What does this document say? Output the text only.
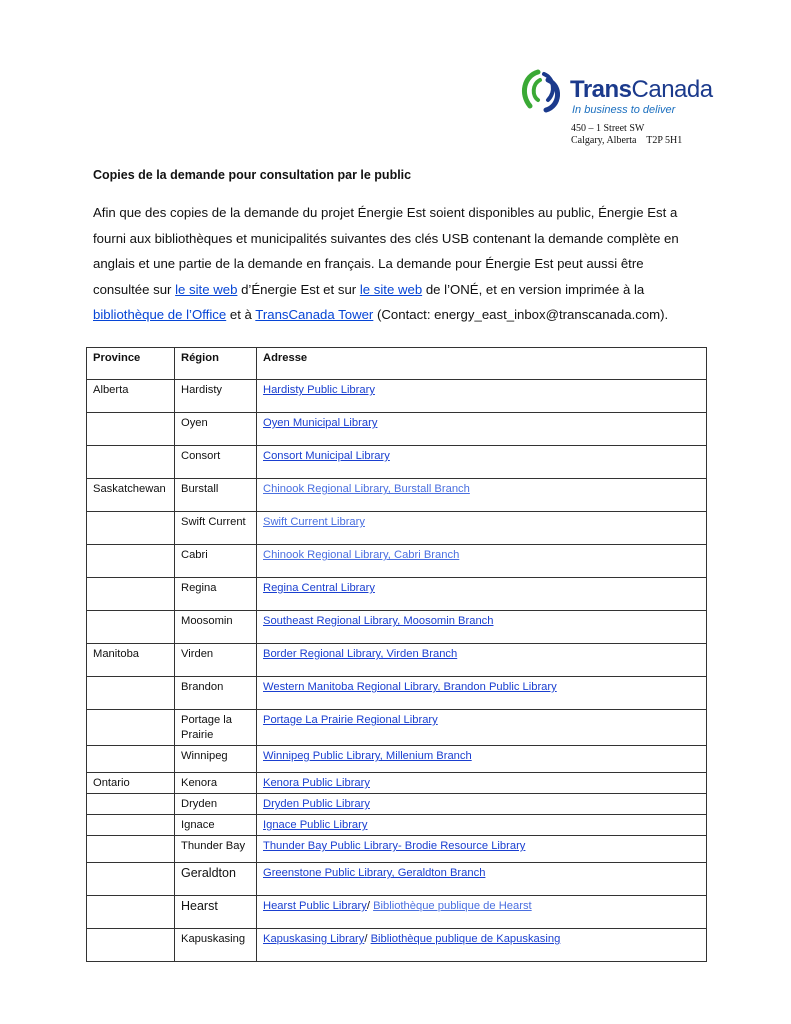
TransCanada
In business to deliver
450 – 1 Street SW
Calgary, Alberta    T2P 5H1
Copies de la demande pour consultation par le public
Afin que des copies de la demande du projet Énergie Est soient disponibles au public, Énergie Est a fourni aux bibliothèques et municipalités suivantes des clés USB contenant la demande complète en anglais et une partie de la demande en français. La demande pour Énergie Est peut aussi être consultée sur le site web d’Énergie Est et sur le site web de l’ONÉ, et en version imprimée à la bibliothèque de l’Office et à TransCanada Tower (Contact: energy_east_inbox@transcanada.com).
Province	Région	Adresse
Alberta	Hardisty	Hardisty Public Library
	Oyen	Oyen Municipal Library
	Consort	Consort Municipal Library
Saskatchewan	Burstall	Chinook Regional Library, Burstall Branch
	Swift Current	Swift Current Library
	Cabri	Chinook Regional Library, Cabri Branch
	Regina	Regina Central Library
	Moosomin	Southeast Regional Library, Moosomin Branch
Manitoba	Virden	Border Regional Library, Virden Branch
	Brandon	Western Manitoba Regional Library, Brandon Public Library
	Portage la Prairie	Portage La Prairie Regional Library
	Winnipeg	Winnipeg Public Library, Millenium Branch
Ontario	Kenora	Kenora Public Library
	Dryden	Dryden Public Library
	Ignace	Ignace Public Library
	Thunder Bay	Thunder Bay Public Library- Brodie Resource Library
	Geraldton	Greenstone Public Library, Geraldton Branch
	Hearst	Hearst Public Library/ Bibliothèque publique de Hearst
	Kapuskasing	Kapuskasing Library/ Bibliothèque publique de Kapuskasing
